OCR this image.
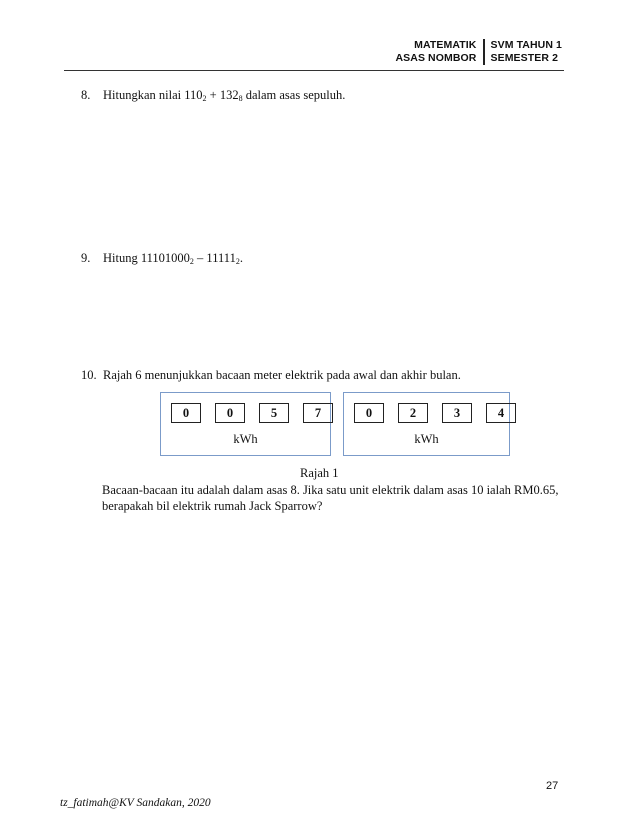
MATEMATIK
ASAS NOMBOR
SVM TAHUN 1
SEMESTER 2
8. Hitungkan nilai $110_2 + 132_8$ dalam asas sepuluh.
9. Hitung $11101000_2 - 11111_2$.
10. Rajah 6 menunjukkan bacaan meter elektrik pada awal dan akhir bulan.
0	0	5	7
kWh
0	2	3	4
kWh
Rajah 1
Bacaan-bacaan itu adalah dalam asas 8. Jika satu unit elektrik dalam asas 10 ialah RM0.65,
berapakah bil elektrik rumah Jack Sparrow?
27
tz_fatimah@KV Sandakan, 2020
